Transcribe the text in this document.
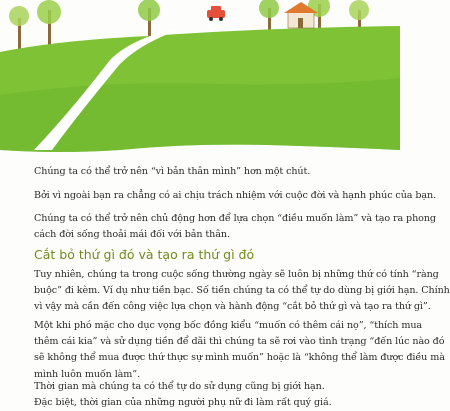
Chúng ta có thể trở nên “vì bản thân mình” hơn một chút.

Bởi vì ngoài bạn ra chẳng có ai chịu trách nhiệm với cuộc đời và hạnh phúc của bạn.

Chúng ta có thể trở nên chủ động hơn để lựa chọn “điều muốn làm” và tạo ra phong
cách đời sống thoải mái đối với bản thân.

Cắt bỏ thứ gì đó và tạo ra thứ gì đó

Tuy nhiên, chúng ta trong cuộc sống thường ngày sẽ luôn bị những thứ có tính “ràng
buộc” đi kèm. Ví dụ như tiền bạc. Số tiền chúng ta có thể tự do dùng bị giới hạn. Chính
vì vậy mà cần đến công việc lựa chọn và hành động “cắt bỏ thứ gì và tạo ra thứ gì”.

Một khi phó mặc cho dục vọng bốc đồng kiểu “muốn có thêm cái nọ”, “thích mua
thêm cái kia” và sử dụng tiền để dãi thì chúng ta sẽ rơi vào tình trạng “đến lúc nào đó
sẽ không thể mua được thứ thực sự mình muốn” hoặc là “không thể làm được điều mà
mình luôn muốn làm”.

Thời gian mà chúng ta có thể tự do sử dụng cũng bị giới hạn.

Đặc biệt, thời gian của những người phụ nữ đi làm rất quý giá.
